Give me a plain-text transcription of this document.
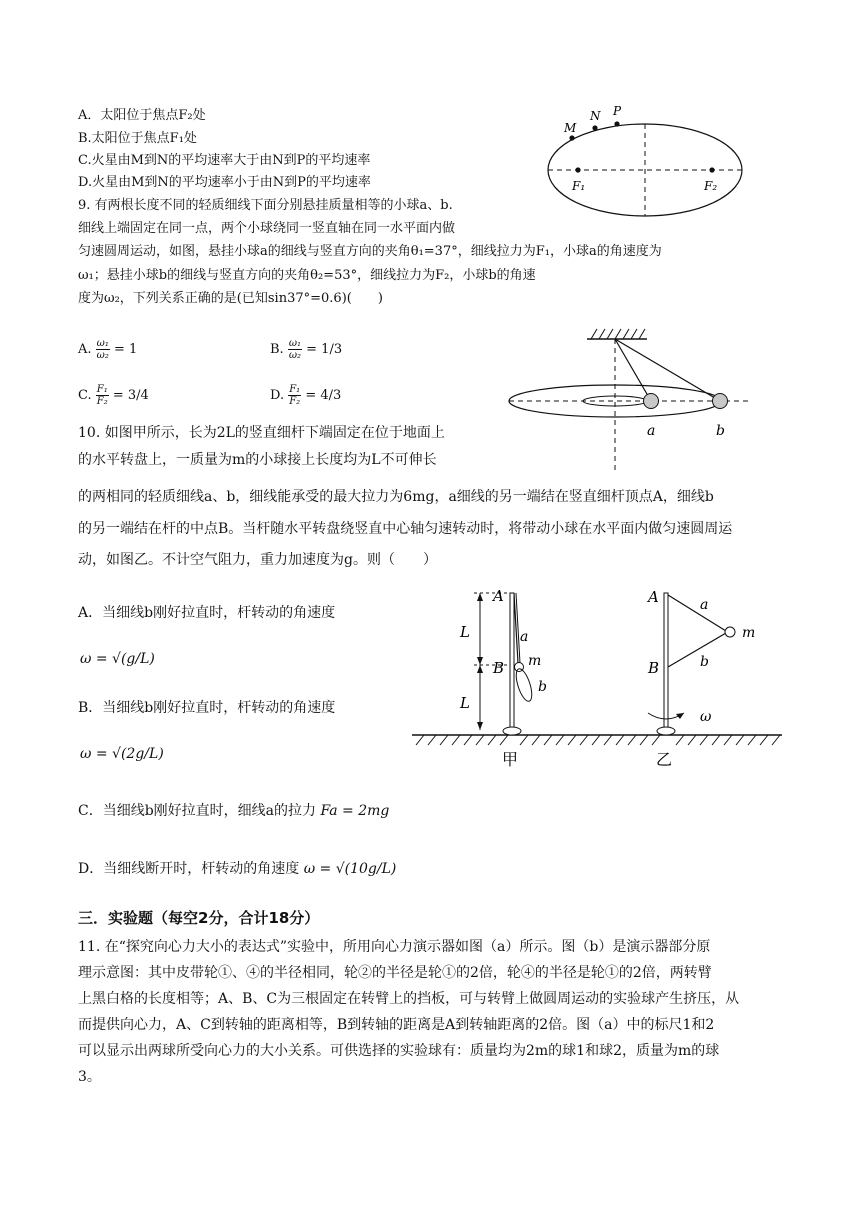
A．太阳位于焦点F₂处
B.太阳位于焦点F₁处
C.火星由M到N的平均速率大于由N到P的平均速率
D.火星由M到N的平均速率小于由N到P的平均速率
M
N P
F₁	F₂
9. 有两根长度不同的轻质细线下面分别悬挂质量相等的小球a、b.
细线上端固定在同一点，两个小球绕同一竖直轴在同一水平面内做
匀速圆周运动，如图，悬挂小球a的细线与竖直方向的夹角θ₁=37°，细线拉力为F₁，小球a的角速度为
ω₁；悬挂小球b的细线与竖直方向的夹角θ₂=53°，细线拉力为F₂，小球b的角速
度为ω₂，下列关系正确的是(已知sin37°=0.6)(　　)
A. $\frac{\text{ω₁}}{\text{ω₂}} = 1$	B. $\frac{\text{ω₁}}{\text{ω₂}} = 1/3$
C. $\frac{\text{F₁}}{\text{F₂}} = 3/4$	D. $\frac{\text{F₁}}{\text{F₂}} = 4/3$
a	b
10. 如图甲所示，长为2L的竖直细杆下端固定在位于地面上
的水平转盘上，一质量为m的小球接上长度均为L不可伸长
的两相同的轻质细线a、b，细线能承受的最大拉力为6mg，a细线的另一端结在竖直细杆顶点A，细线b
的另一端结在杆的中点B。当杆随水平转盘绕竖直中心轴匀速转动时，将带动小球在水平面内做匀速圆周运
动，如图乙。不计空气阻力，重力加速度为g。则（　　）
A．当细线b刚好拉直时，杆转动的角速度
ω = √(g/L)
B．当细线b刚好拉直时，杆转动的角速度
ω = √(2g/L)
C．当细线b刚好拉直时，细线a的拉力 Fa = 2mg
D．当细线断开时，杆转动的角速度 ω = √(10g/L)
L
L
A
B
a
m
b
甲
A
B
a
b
m
ω
乙
三．实验题（每空2分，合计18分）
11. 在“探究向心力大小的表达式”实验中，所用向心力演示器如图（a）所示。图（b）是演示器部分原
理示意图：其中皮带轮①、④的半径相同，轮②的半径是轮①的2倍，轮④的半径是轮①的2倍，两转臂
上黑白格的长度相等；A、B、C为三根固定在转臂上的挡板，可与转臂上做圆周运动的实验球产生挤压，从
而提供向心力，A、C到转轴的距离相等，B到转轴的距离是A到转轴距离的2倍。图（a）中的标尺1和2
可以显示出两球所受向心力的大小关系。可供选择的实验球有：质量均为2m的球1和球2，质量为m的球
3。
